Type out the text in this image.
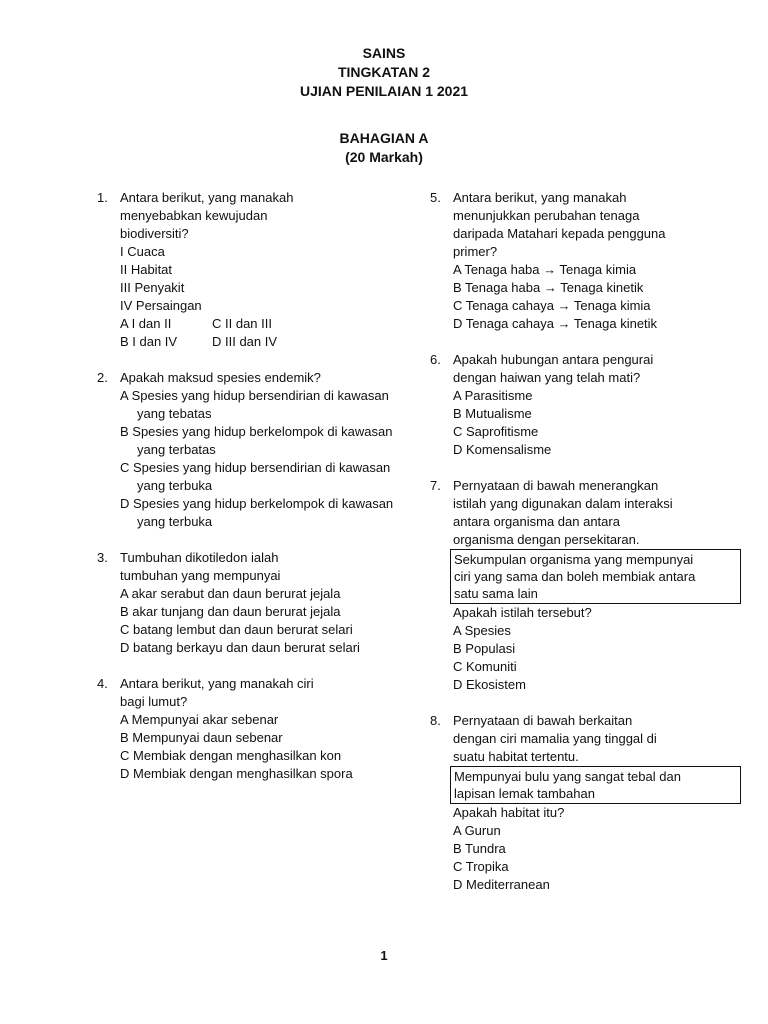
SAINS
TINGKATAN 2
UJIAN PENILAIAN 1 2021
BAHAGIAN A
(20 Markah)
1. Antara berikut, yang manakah
menyebabkan kewujudan
biodiversiti?
I Cuaca
II Habitat
III Penyakit
IV Persaingan
A I dan II	C II dan III
B I dan IV	D III dan IV
2. Apakah maksud spesies endemik?
A Spesies yang hidup bersendirian di kawasan yang tebatas
B Spesies yang hidup berkelompok di kawasan yang terbatas
C Spesies yang hidup bersendirian di kawasan yang terbuka
D Spesies yang hidup berkelompok di kawasan yang terbuka
3. Tumbuhan dikotiledon ialah
tumbuhan yang mempunyai
A akar serabut dan daun berurat jejala
B akar tunjang dan daun berurat jejala
C batang lembut dan daun berurat selari
D batang berkayu dan daun berurat selari
4. Antara berikut, yang manakah ciri
bagi lumut?
A Mempunyai akar sebenar
B Mempunyai daun sebenar
C Membiak dengan menghasilkan kon
D Membiak dengan menghasilkan spora
5. Antara berikut, yang manakah
menunjukkan perubahan tenaga
daripada Matahari kepada pengguna
primer?
A Tenaga haba → Tenaga kimia
B Tenaga haba → Tenaga kinetik
C Tenaga cahaya → Tenaga kimia
D Tenaga cahaya → Tenaga kinetik
6. Apakah hubungan antara pengurai
dengan haiwan yang telah mati?
A Parasitisme
B Mutualisme
C Saprofitisme
D Komensalisme
7. Pernyataan di bawah menerangkan
istilah yang digunakan dalam interaksi
antara organisma dan antara
organisma dengan persekitaran.
Sekumpulan organisma yang mempunyai
ciri yang sama dan boleh membiak antara
satu sama lain
Apakah istilah tersebut?
A Spesies
B Populasi
C Komuniti
D Ekosistem
8. Pernyataan di bawah berkaitan
dengan ciri mamalia yang tinggal di
suatu habitat tertentu.
Mempunyai bulu yang sangat tebal dan
lapisan lemak tambahan
Apakah habitat itu?
A Gurun
B Tundra
C Tropika
D Mediterranean
1
